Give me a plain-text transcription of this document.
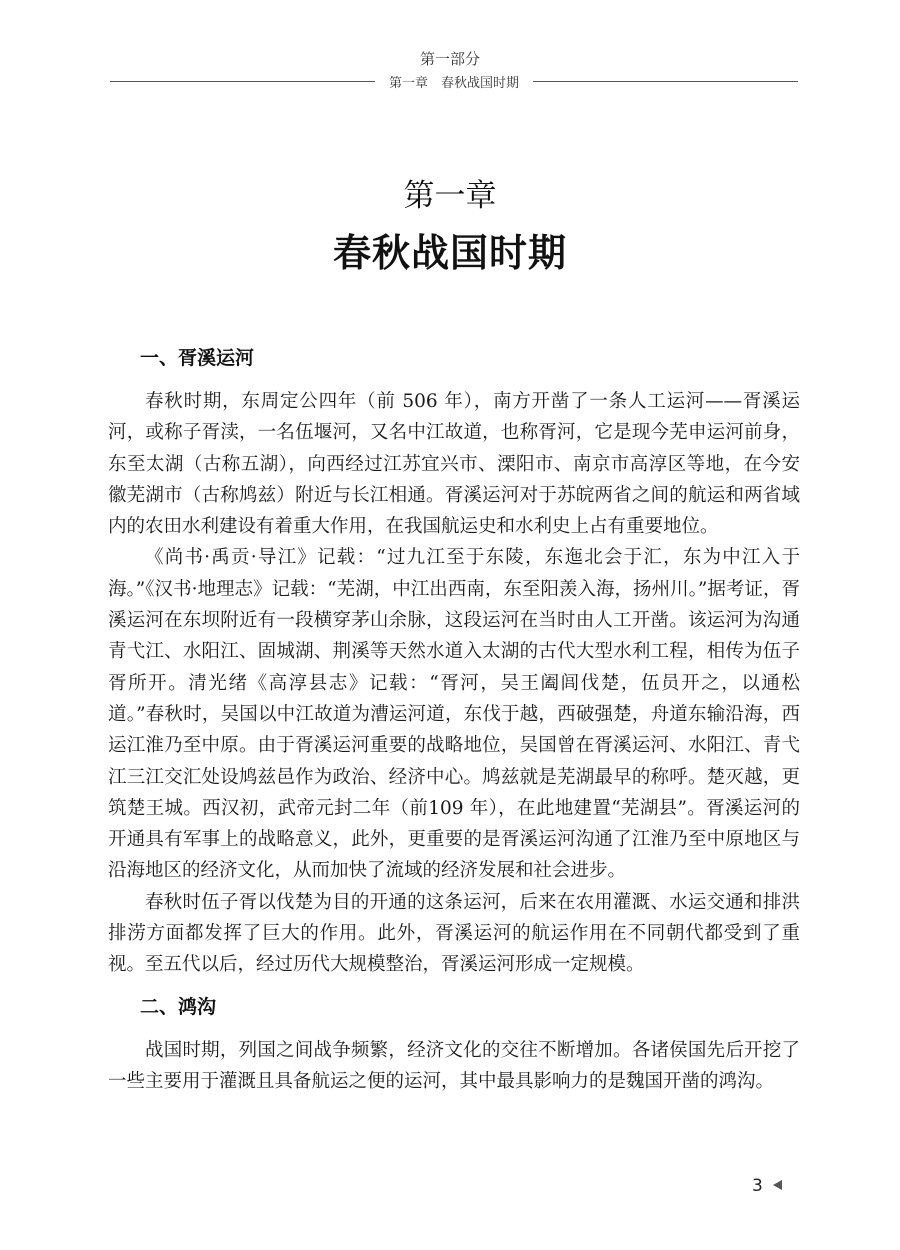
第一部分
第一章　春秋战国时期
第一章
春秋战国时期
一、胥溪运河

春秋时期，东周定公四年（前 506 年），南方开凿了一条人工运河——胥溪运河，或称子胥渎，一名伍堰河，又名中江故道，也称胥河，它是现今芜申运河前身，东至太湖（古称五湖），向西经过江苏宜兴市、溧阳市、南京市高淳区等地，在今安徽芜湖市（古称鸠兹）附近与长江相通。胥溪运河对于苏皖两省之间的航运和两省域内的农田水利建设有着重大作用，在我国航运史和水利史上占有重要地位。

《尚书·禹贡·导江》记载：“过九江至于东陵，东迤北会于汇，东为中江入于海。”《汉书·地理志》记载：“芜湖，中江出西南，东至阳羡入海，扬州川。”据考证，胥溪运河在东坝附近有一段横穿茅山余脉，这段运河在当时由人工开凿。该运河为沟通青弋江、水阳江、固城湖、荆溪等天然水道入太湖的古代大型水利工程，相传为伍子胥所开。清光绪《高淳县志》记载：“胥河，吴王阖闾伐楚，伍员开之，以通松道。”春秋时，吴国以中江故道为漕运河道，东伐于越，西破强楚，舟道东输沿海，西运江淮乃至中原。由于胥溪运河重要的战略地位，吴国曾在胥溪运河、水阳江、青弋江三江交汇处设鸠兹邑作为政治、经济中心。鸠兹就是芜湖最早的称呼。楚灭越，更筑楚王城。西汉初，武帝元封二年（前109 年），在此地建置“芜湖县”。胥溪运河的开通具有军事上的战略意义，此外，更重要的是胥溪运河沟通了江淮乃至中原地区与沿海地区的经济文化，从而加快了流域的经济发展和社会进步。

春秋时伍子胥以伐楚为目的开通的这条运河，后来在农用灌溉、水运交通和排洪排涝方面都发挥了巨大的作用。此外，胥溪运河的航运作用在不同朝代都受到了重视。至五代以后，经过历代大规模整治，胥溪运河形成一定规模。

二、鸿沟

战国时期，列国之间战争频繁，经济文化的交往不断增加。各诸侯国先后开挖了一些主要用于灌溉且具备航运之便的运河，其中最具影响力的是魏国开凿的鸿沟。

3
